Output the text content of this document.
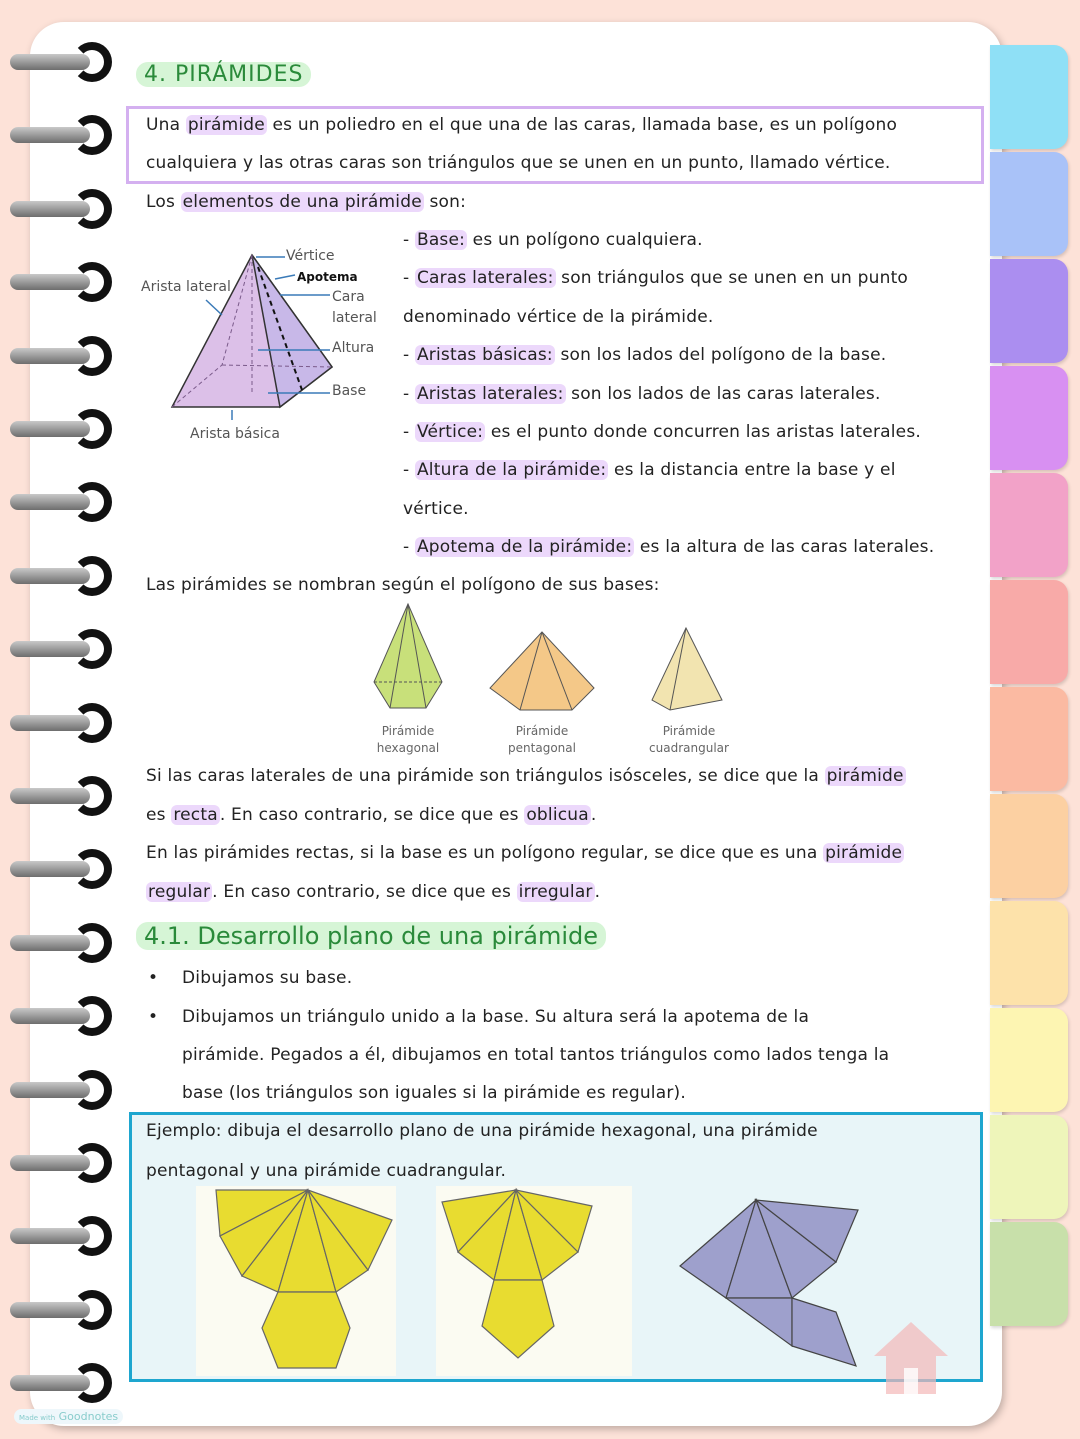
4. PIRÁMIDES
Una pirámide es un poliedro en el que una de las caras, llamada base, es un polígono
cualquiera y las otras caras son triángulos que se unen en un punto, llamado vértice.
Los elementos de una pirámide son:
Vértice
Apotema
Cara
lateral
Altura
Base
Arista lateral
Arista básica
- Base: es un polígono cualquiera.
- Caras laterales: son triángulos que se unen en un punto
denominado vértice de la pirámide.
- Aristas básicas: son los lados del polígono de la base.
- Aristas laterales: son los lados de las caras laterales.
- Vértice: es el punto donde concurren las aristas laterales.
- Altura de la pirámide: es la distancia entre la base y el
vértice.
- Apotema de la pirámide: es la altura de las caras laterales.
Las pirámides se nombran según el polígono de sus bases:
Pirámide
hexagonal
Pirámide
pentagonal
Pirámide
cuadrangular
Si las caras laterales de una pirámide son triángulos isósceles, se dice que la pirámide
es recta . En caso contrario, se dice que es oblicua .
En las pirámides rectas, si la base es un polígono regular, se dice que es una pirámide
regular . En caso contrario, se dice que es irregular .
4.1. Desarrollo plano de una pirámide
• Dibujamos su base.
• Dibujamos un triángulo unido a la base. Su altura será la apotema de la
pirámide. Pegados a él, dibujamos en total tantos triángulos como lados tenga la
base (los triángulos son iguales si la pirámide es regular).
Ejemplo: dibuja el desarrollo plano de una pirámide hexagonal, una pirámide
pentagonal y una pirámide cuadrangular.
Made with Goodnotes
